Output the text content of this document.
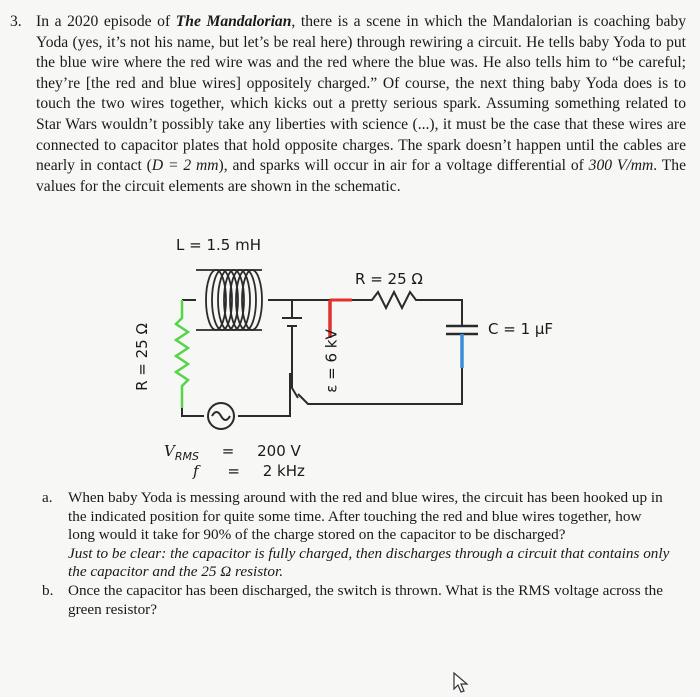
3. In a 2020 episode of The Mandalorian, there is a scene in which the Mandalorian is coaching baby Yoda (yes, it’s not his name, but let’s be real here) through rewiring a circuit. He tells baby Yoda to put the blue wire where the red wire was and the red where the blue was. He also tells him to “be careful; they’re [the red and blue wires] oppositely charged.” Of course, the next thing baby Yoda does is to touch the two wires together, which kicks out a pretty serious spark. Assuming something related to Star Wars wouldn’t possibly take any liberties with science (...), it must be the case that these wires are connected to capacitor plates that hold opposite charges. The spark doesn’t happen until the cables are nearly in contact (D = 2 mm), and sparks will occur in air for a voltage differential of 300 V/mm. The values for the circuit elements are shown in the schematic.
L = 1.5 mH
R = 25 Ω
R = 25 Ω	ε = 6 kV
C = 1 μF
$V_{RMS} = 200$ V
f = 2 kHz
a. When baby Yoda is messing around with the red and blue wires, the circuit has been hooked up in the indicated position for quite some time. After touching the red and blue wires together, how long would it take for 90% of the charge stored on the capacitor to be discharged?
Just to be clear: the capacitor is fully charged, then discharges through a circuit that contains only the capacitor and the 25 Ω resistor.
b. Once the capacitor has been discharged, the switch is thrown. What is the RMS voltage across the green resistor?
